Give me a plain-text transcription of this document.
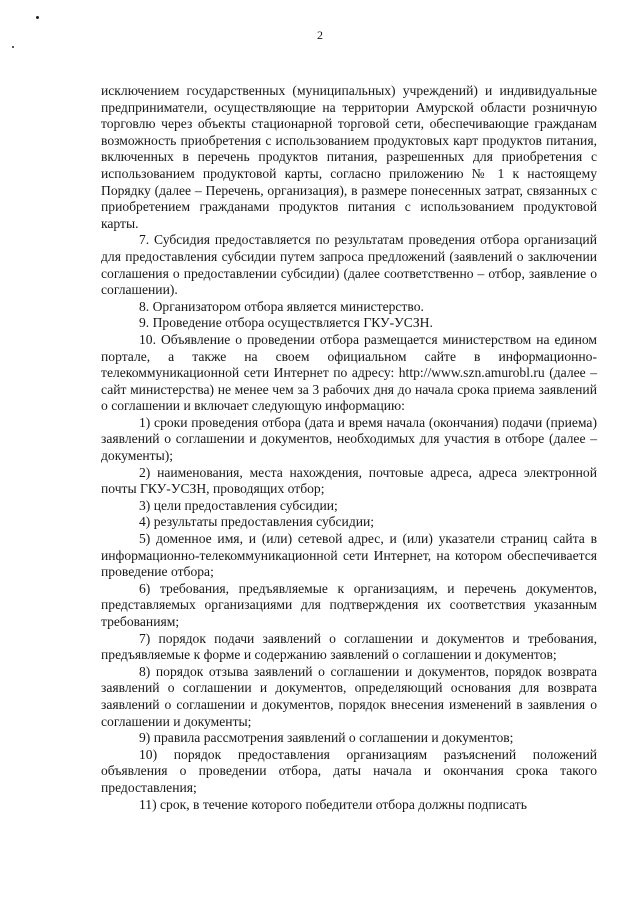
2

исключением государственных (муниципальных) учреждений) и индивидуальные предприниматели, осуществляющие на территории Амурской области розничную торговлю через объекты стационарной торговой сети, обеспечивающие гражданам возможность приобретения с использованием продуктовых карт продуктов питания, включенных в перечень продуктов питания, разрешенных для приобретения с использованием продуктовой карты, согласно приложению № 1 к настоящему Порядку (далее – Перечень, организация), в размере понесенных затрат, связанных с приобретением гражданами продуктов питания с использованием продуктовой карты.

7. Субсидия предоставляется по результатам проведения отбора организаций для предоставления субсидии путем запроса предложений (заявлений о заключении соглашения о предоставлении субсидии) (далее соответственно – отбор, заявление о соглашении).

8. Организатором отбора является министерство.

9. Проведение отбора осуществляется ГКУ-УСЗН.

10. Объявление о проведении отбора размещается министерством на едином портале, а также на своем официальном сайте в информационно-телекоммуникационной сети Интернет по адресу: http://www.szn.amurobl.ru (далее – сайт министерства) не менее чем за 3 рабочих дня до начала срока приема заявлений о соглашении и включает следующую информацию:

1) сроки проведения отбора (дата и время начала (окончания) подачи (приема) заявлений о соглашении и документов, необходимых для участия в отборе (далее – документы);

2) наименования, места нахождения, почтовые адреса, адреса электронной почты ГКУ-УСЗН, проводящих отбор;

3) цели предоставления субсидии;

4) результаты предоставления субсидии;

5) доменное имя, и (или) сетевой адрес, и (или) указатели страниц сайта в информационно-телекоммуникационной сети Интернет, на котором обеспечивается проведение отбора;

6) требования, предъявляемые к организациям, и перечень документов, представляемых организациями для подтверждения их соответствия указанным требованиям;

7) порядок подачи заявлений о соглашении и документов и требования, предъявляемые к форме и содержанию заявлений о соглашении и документов;

8) порядок отзыва заявлений о соглашении и документов, порядок возврата заявлений о соглашении и документов, определяющий основания для возврата заявлений о соглашении и документов, порядок внесения изменений в заявления о соглашении и документы;

9) правила рассмотрения заявлений о соглашении и документов;

10) порядок предоставления организациям разъяснений положений объявления о проведении отбора, даты начала и окончания срока такого предоставления;

11) срок, в течение которого победители отбора должны подписать
